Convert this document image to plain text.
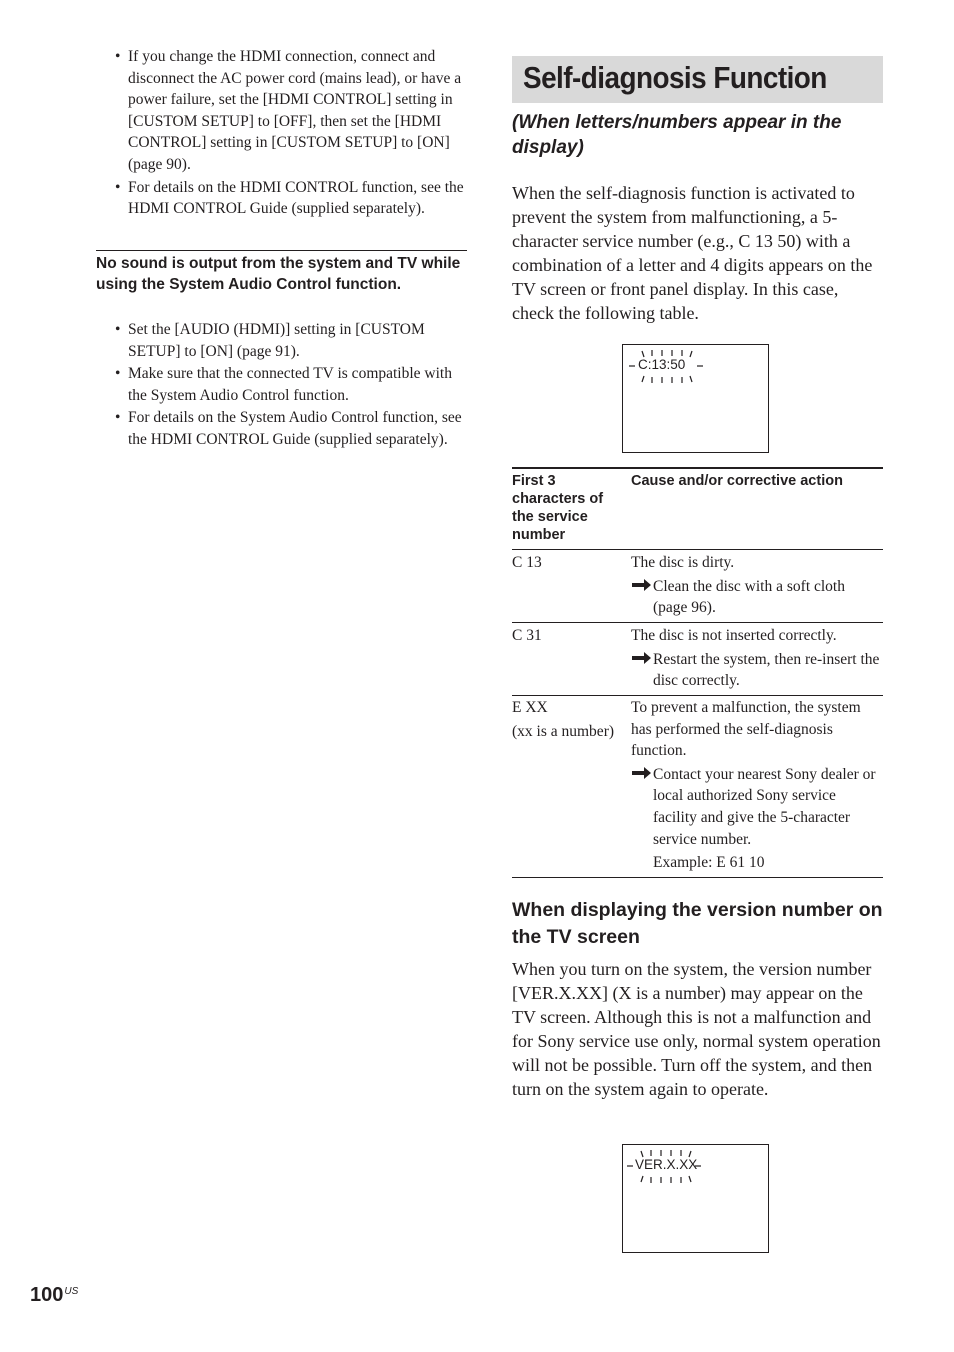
• If you change the HDMI connection, connect and disconnect the AC power cord (mains lead), or have a power failure, set the [HDMI CONTROL] setting in [CUSTOM SETUP] to [OFF], then set the [HDMI CONTROL] setting in [CUSTOM SETUP] to [ON] (page 90).
• For details on the HDMI CONTROL function, see the HDMI CONTROL Guide (supplied separately).
No sound is output from the system and TV while using the System Audio Control function.
• Set the [AUDIO (HDMI)] setting in [CUSTOM SETUP] to [ON] (page 91).
• Make sure that the connected TV is compatible with the System Audio Control function.
• For details on the System Audio Control function, see the HDMI CONTROL Guide (supplied separately).
Self-diagnosis Function
(When letters/numbers appear in the display)
When the self-diagnosis function is activated to prevent the system from malfunctioning, a 5-character service number (e.g., C 13 50) with a combination of a letter and 4 digits appears on the TV screen or front panel display. In this case, check the following table.
C:13:50
First 3 characters of the service number
Cause and/or corrective action
C 13	The disc is dirty.
Clean the disc with a soft cloth (page 96).
C 31	The disc is not inserted correctly.
Restart the system, then re-insert the disc correctly.
E XX
(xx is a number)
To prevent a malfunction, the system has performed the self-diagnosis function.
Contact your nearest Sony dealer or local authorized Sony service facility and give the 5-character service number.
Example: E 61 10
When displaying the version number on the TV screen
When you turn on the system, the version number [VER.X.XX] (X is a number) may appear on the TV screen. Although this is not a malfunction and for Sony service use only, normal system operation will not be possible. Turn off the system, and then turn on the system again to operate.
VER.X.XX
$100^{US}$
